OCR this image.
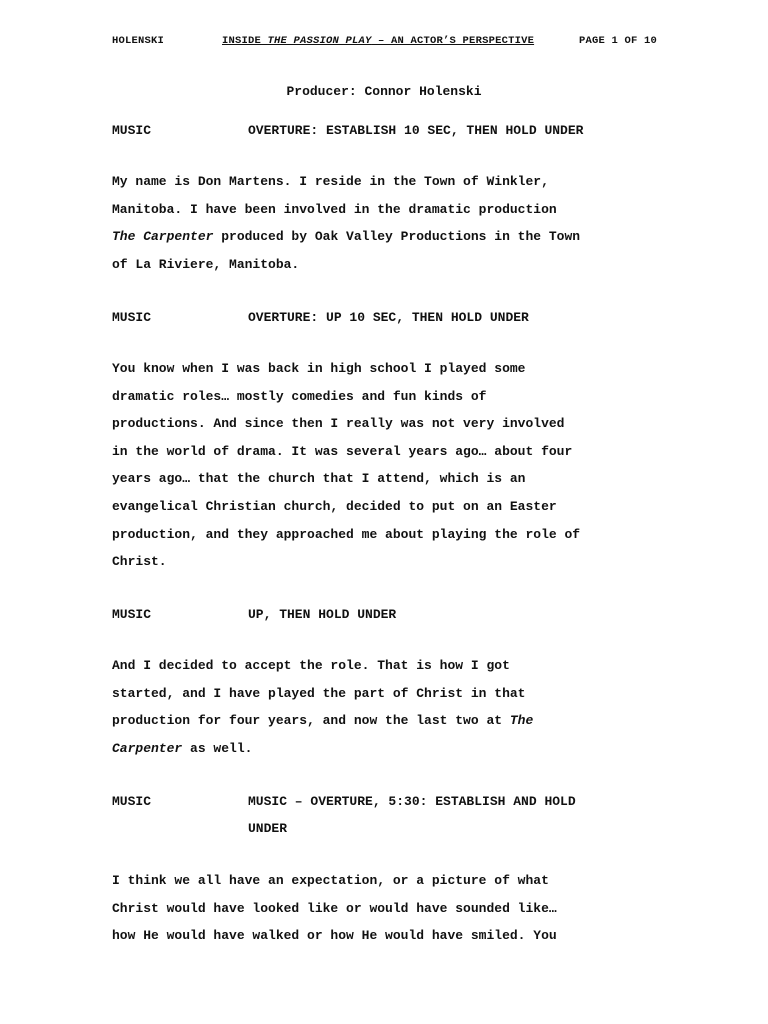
HOLENSKI	INSIDE THE PASSION PLAY – AN ACTOR’S PERSPECTIVE	PAGE 1 OF 10
Producer: Connor Holenski
MUSIC	OVERTURE: ESTABLISH 10 SEC, THEN HOLD UNDER
My name is Don Martens. I reside in the Town of Winkler,
Manitoba. I have been involved in the dramatic production
The Carpenter produced by Oak Valley Productions in the Town
of La Riviere, Manitoba.
MUSIC	OVERTURE: UP 10 SEC, THEN HOLD UNDER
You know when I was back in high school I played some
dramatic roles… mostly comedies and fun kinds of
productions. And since then I really was not very involved
in the world of drama. It was several years ago… about four
years ago… that the church that I attend, which is an
evangelical Christian church, decided to put on an Easter
production, and they approached me about playing the role of
Christ.
MUSIC	UP, THEN HOLD UNDER
And I decided to accept the role. That is how I got
started, and I have played the part of Christ in that
production for four years, and now the last two at The
Carpenter as well.
MUSIC	MUSIC – OVERTURE, 5:30: ESTABLISH AND HOLD
UNDER
I think we all have an expectation, or a picture of what
Christ would have looked like or would have sounded like…
how He would have walked or how He would have smiled. You
